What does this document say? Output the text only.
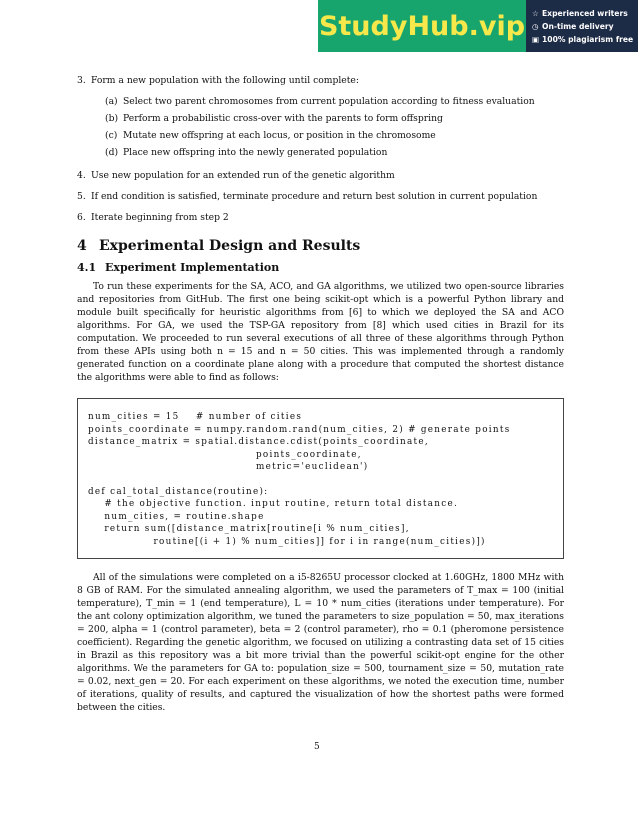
StudyHub.vip ☆ Experienced writers
◷ On-time delivery
▣ 100% plagiarism free
3. Form a new population with the following until complete:
(a) Select two parent chromosomes from current population according to fitness evaluation
(b) Perform a probabilistic cross-over with the parents to form offspring
(c) Mutate new offspring at each locus, or position in the chromosome
(d) Place new offspring into the newly generated population
4. Use new population for an extended run of the genetic algorithm
5. If end condition is satisfied, terminate procedure and return best solution in current population
6. Iterate beginning from step 2
4 Experimental Design and Results
4.1 Experiment Implementation

To run these experiments for the SA, ACO, and GA algorithms, we utilized two open-source libraries and repositories from GitHub. The first one being scikit-opt which is a powerful Python library and module built specifically for heuristic algorithms from [6] to which we deployed the SA and ACO algorithms. For GA, we used the TSP-GA repository from [8] which used cities in Brazil for its computation. We proceeded to run several executions of all three of these algorithms through Python from these APIs using both n = 15 and n = 50 cities. This was implemented through a randomly generated function on a coordinate plane along with a procedure that computed the shortest distance the algorithms were able to find as follows:

num_cities = 15    # number of cities
points_coordinate = numpy.random.rand(num_cities, 2) # generate points
distance_matrix = spatial.distance.cdist(points_coordinate,
points_coordinate,
metric='euclidean')
def cal_total_distance(routine):
# the objective function. input routine, return total distance.
num_cities, = routine.shape
return sum([distance_matrix[routine[i % num_cities],
routine[(i + 1) % num_cities]] for i in range(num_cities)])

All of the simulations were completed on a i5-8265U processor clocked at 1.60GHz, 1800 MHz with 8 GB of RAM. For the simulated annealing algorithm, we used the parameters of T_max = 100 (initial temperature), T_min = 1 (end temperature), L = 10 * num_cities (iterations under temperature). For the ant colony optimization algorithm, we tuned the parameters to size_population = 50, max_iterations = 200, alpha = 1 (control parameter), beta = 2 (control parameter), rho = 0.1 (pheromone persistence coefficient). Regarding the genetic algorithm, we focused on utilizing a contrasting data set of 15 cities in Brazil as this repository was a bit more trivial than the powerful scikit-opt engine for the other algorithms. We the parameters for GA to: population_size = 500, tournament_size = 50, mutation_rate = 0.02, next_gen = 20. For each experiment on these algorithms, we noted the execution time, number of iterations, quality of results, and captured the visualization of how the shortest paths were formed between the cities.

5
